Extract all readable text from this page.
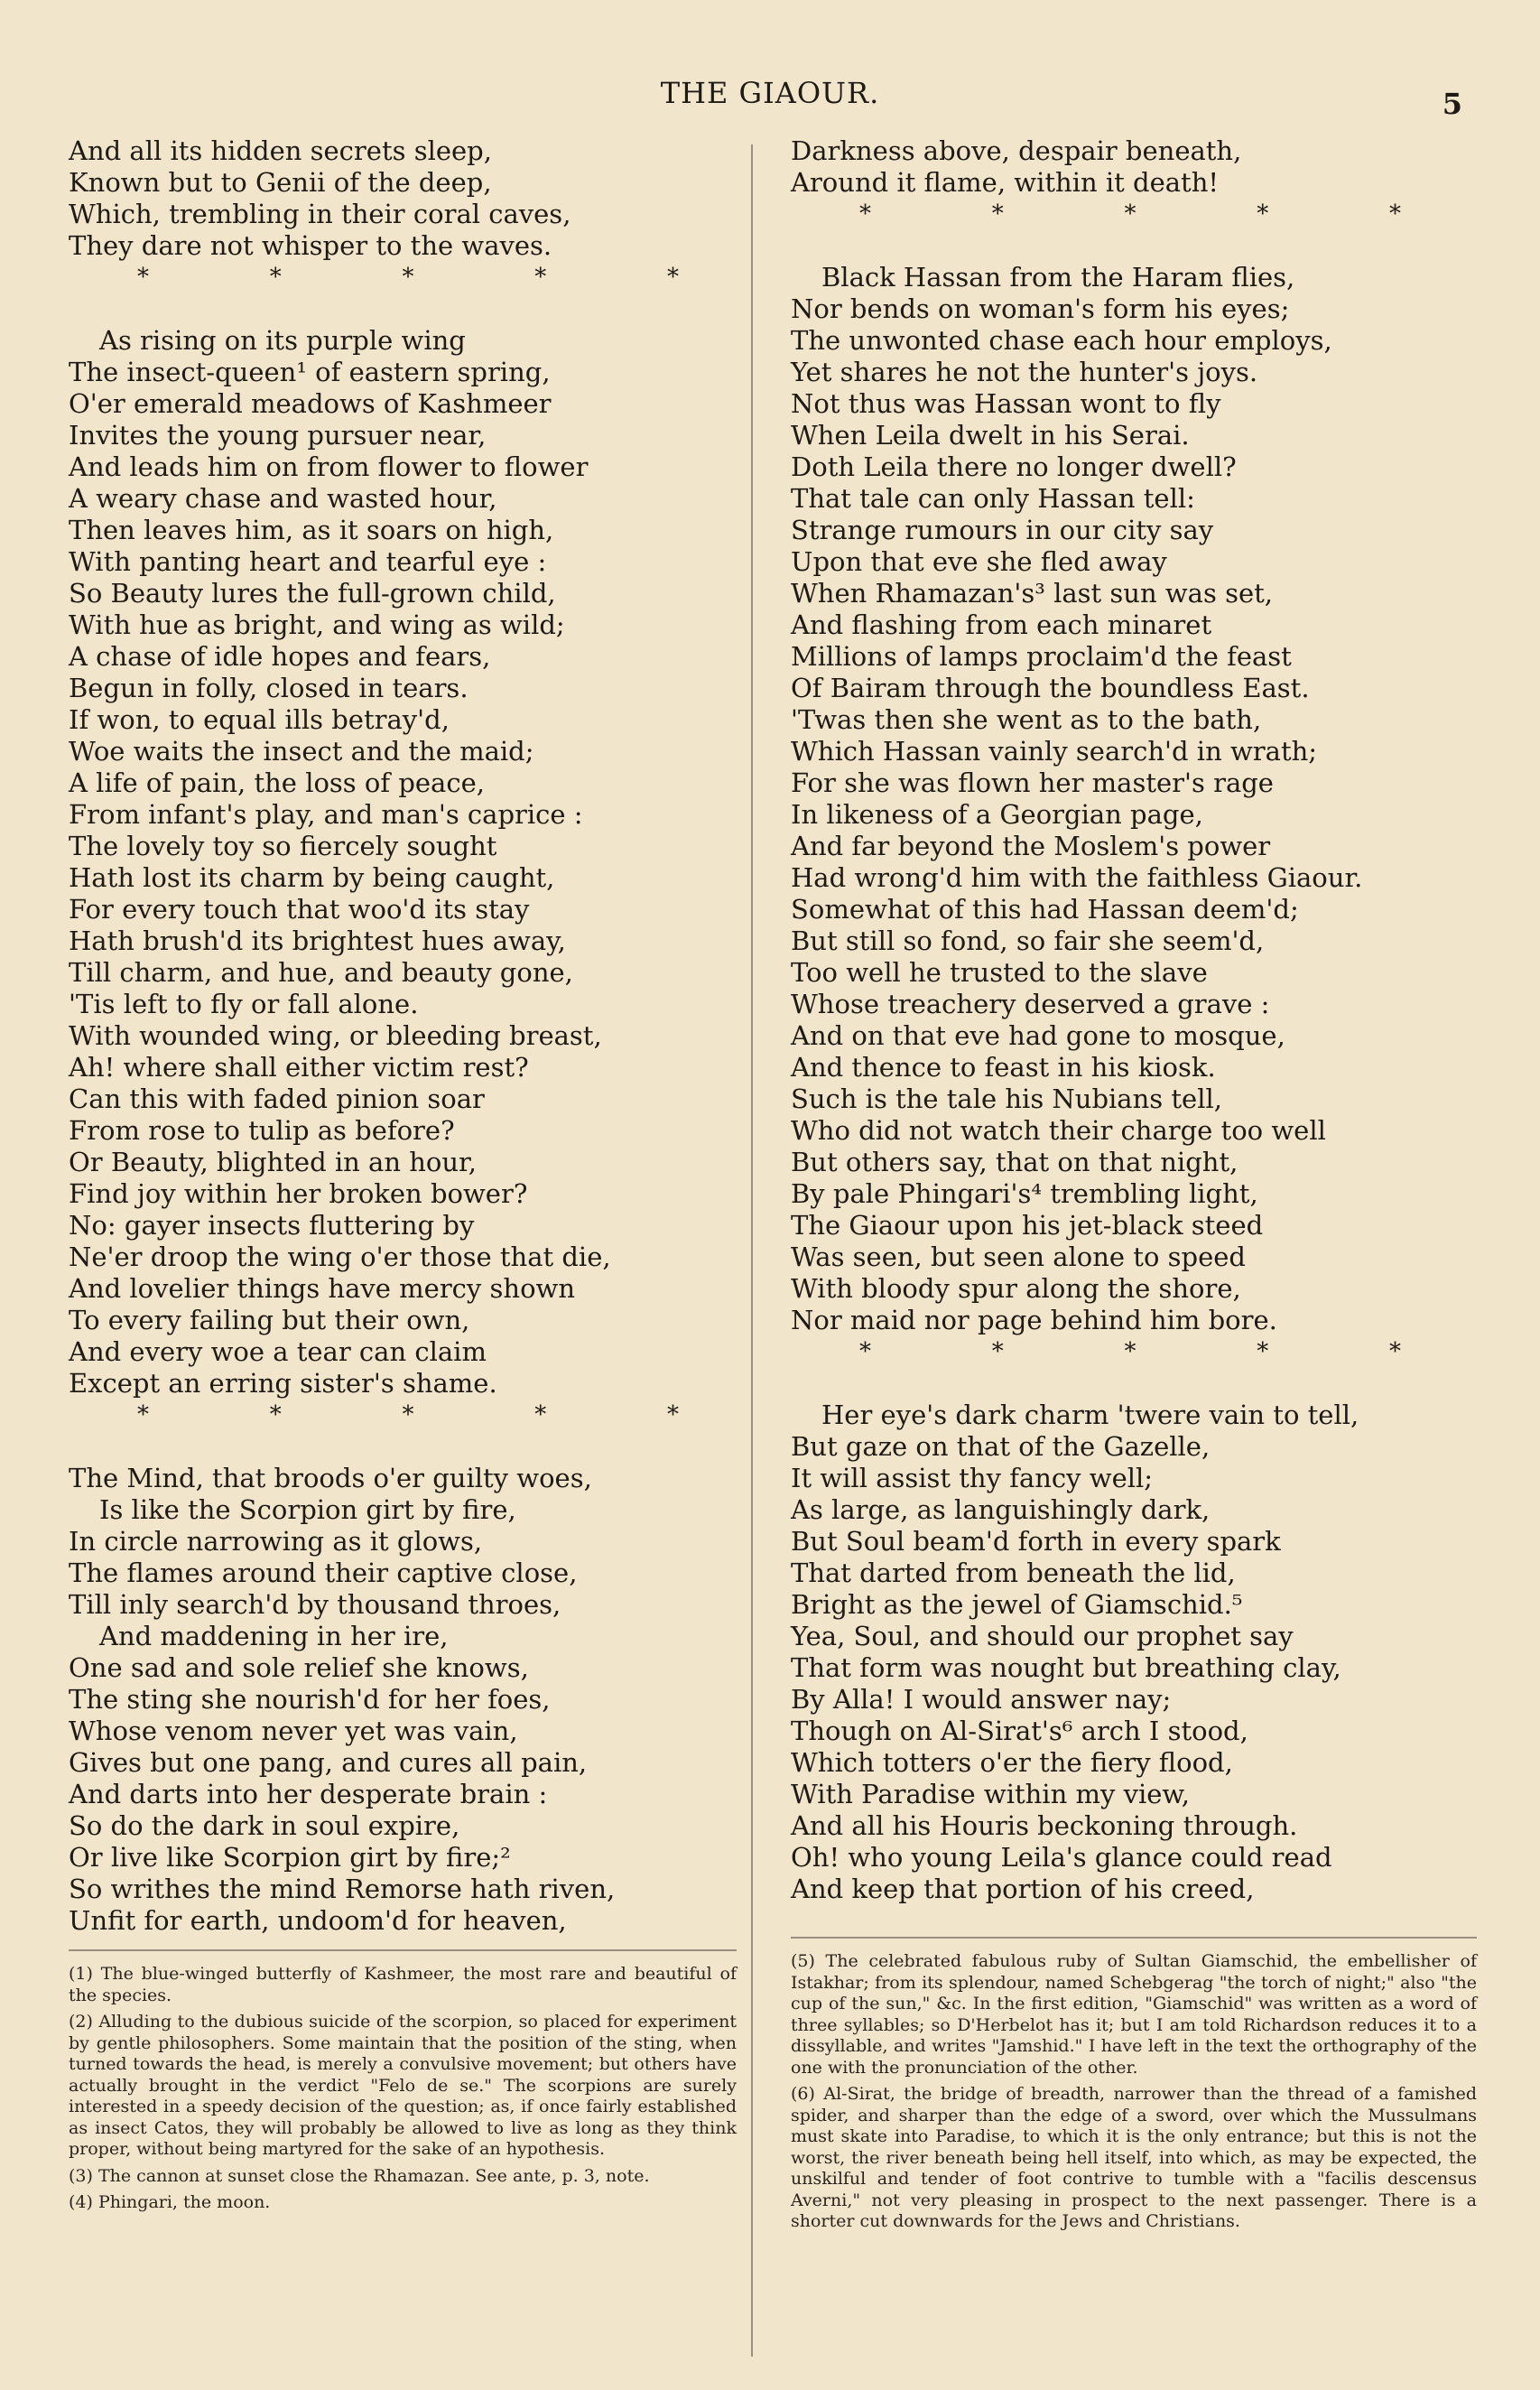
THE GIAOUR.	5
And all its hidden secrets sleep,
Known but to Genii of the deep,
Which, trembling in their coral caves,
They dare not whisper to the waves.
*	*	*	*	*
As rising on its purple wing
The insect-queen¹ of eastern spring,
O'er emerald meadows of Kashmeer
Invites the young pursuer near,
And leads him on from flower to flower
A weary chase and wasted hour,
Then leaves him, as it soars on high,
With panting heart and tearful eye :
So Beauty lures the full-grown child,
With hue as bright, and wing as wild;
A chase of idle hopes and fears,
Begun in folly, closed in tears.
If won, to equal ills betray'd,
Woe waits the insect and the maid;
A life of pain, the loss of peace,
From infant's play, and man's caprice :
The lovely toy so fiercely sought
Hath lost its charm by being caught,
For every touch that woo'd its stay
Hath brush'd its brightest hues away,
Till charm, and hue, and beauty gone,
'Tis left to fly or fall alone.
With wounded wing, or bleeding breast,
Ah! where shall either victim rest?
Can this with faded pinion soar
From rose to tulip as before?
Or Beauty, blighted in an hour,
Find joy within her broken bower?
No: gayer insects fluttering by
Ne'er droop the wing o'er those that die,
And lovelier things have mercy shown
To every failing but their own,
And every woe a tear can claim
Except an erring sister's shame.
*	*	*	*	*
The Mind, that broods o'er guilty woes,
Is like the Scorpion girt by fire,
In circle narrowing as it glows,
The flames around their captive close,
Till inly search'd by thousand throes,
And maddening in her ire,
One sad and sole relief she knows,
The sting she nourish'd for her foes,
Whose venom never yet was vain,
Gives but one pang, and cures all pain,
And darts into her desperate brain :
So do the dark in soul expire,
Or live like Scorpion girt by fire;²
So writhes the mind Remorse hath riven,
Unfit for earth, undoom'd for heaven,

(1) The blue-winged butterfly of Kashmeer, the most rare and beautiful of the species.

(2) Alluding to the dubious suicide of the scorpion, so placed for experiment by gentle philosophers. Some maintain that the position of the sting, when turned towards the head, is merely a convulsive movement; but others have actually brought in the verdict "Felo de se." The scorpions are surely interested in a speedy decision of the question; as, if once fairly established as insect Catos, they will probably be allowed to live as long as they think proper, without being martyred for the sake of an hypothesis.

(3) The cannon at sunset close the Rhamazan. See ante, p. 3, note.

(4) Phingari, the moon.

Darkness above, despair beneath,
Around it flame, within it death!
*	*	*	*	*
Black Hassan from the Haram flies,
Nor bends on woman's form his eyes;
The unwonted chase each hour employs,
Yet shares he not the hunter's joys.
Not thus was Hassan wont to fly
When Leila dwelt in his Serai.
Doth Leila there no longer dwell?
That tale can only Hassan tell:
Strange rumours in our city say
Upon that eve she fled away
When Rhamazan's³ last sun was set,
And flashing from each minaret
Millions of lamps proclaim'd the feast
Of Bairam through the boundless East.
'Twas then she went as to the bath,
Which Hassan vainly search'd in wrath;
For she was flown her master's rage
In likeness of a Georgian page,
And far beyond the Moslem's power
Had wrong'd him with the faithless Giaour.
Somewhat of this had Hassan deem'd;
But still so fond, so fair she seem'd,
Too well he trusted to the slave
Whose treachery deserved a grave :
And on that eve had gone to mosque,
And thence to feast in his kiosk.
Such is the tale his Nubians tell,
Who did not watch their charge too well
But others say, that on that night,
By pale Phingari's⁴ trembling light,
The Giaour upon his jet-black steed
Was seen, but seen alone to speed
With bloody spur along the shore,
Nor maid nor page behind him bore.
*	*	*	*	*
Her eye's dark charm 'twere vain to tell,
But gaze on that of the Gazelle,
It will assist thy fancy well;
As large, as languishingly dark,
But Soul beam'd forth in every spark
That darted from beneath the lid,
Bright as the jewel of Giamschid.⁵
Yea, Soul, and should our prophet say
That form was nought but breathing clay,
By Alla! I would answer nay;
Though on Al-Sirat's⁶ arch I stood,
Which totters o'er the fiery flood,
With Paradise within my view,
And all his Houris beckoning through.
Oh! who young Leila's glance could read
And keep that portion of his creed,

(5) The celebrated fabulous ruby of Sultan Giamschid, the embellisher of Istakhar; from its splendour, named Schebgerag "the torch of night;" also "the cup of the sun," &c. In the first edition, "Giamschid" was written as a word of three syllables; so D'Herbelot has it; but I am told Richardson reduces it to a dissyllable, and writes "Jamshid." I have left in the text the orthography of the one with the pronunciation of the other.

(6) Al-Sirat, the bridge of breadth, narrower than the thread of a famished spider, and sharper than the edge of a sword, over which the Mussulmans must skate into Paradise, to which it is the only entrance; but this is not the worst, the river beneath being hell itself, into which, as may be expected, the unskilful and tender of foot contrive to tumble with a "facilis descensus Averni," not very pleasing in prospect to the next passenger. There is a shorter cut downwards for the Jews and Christians.
